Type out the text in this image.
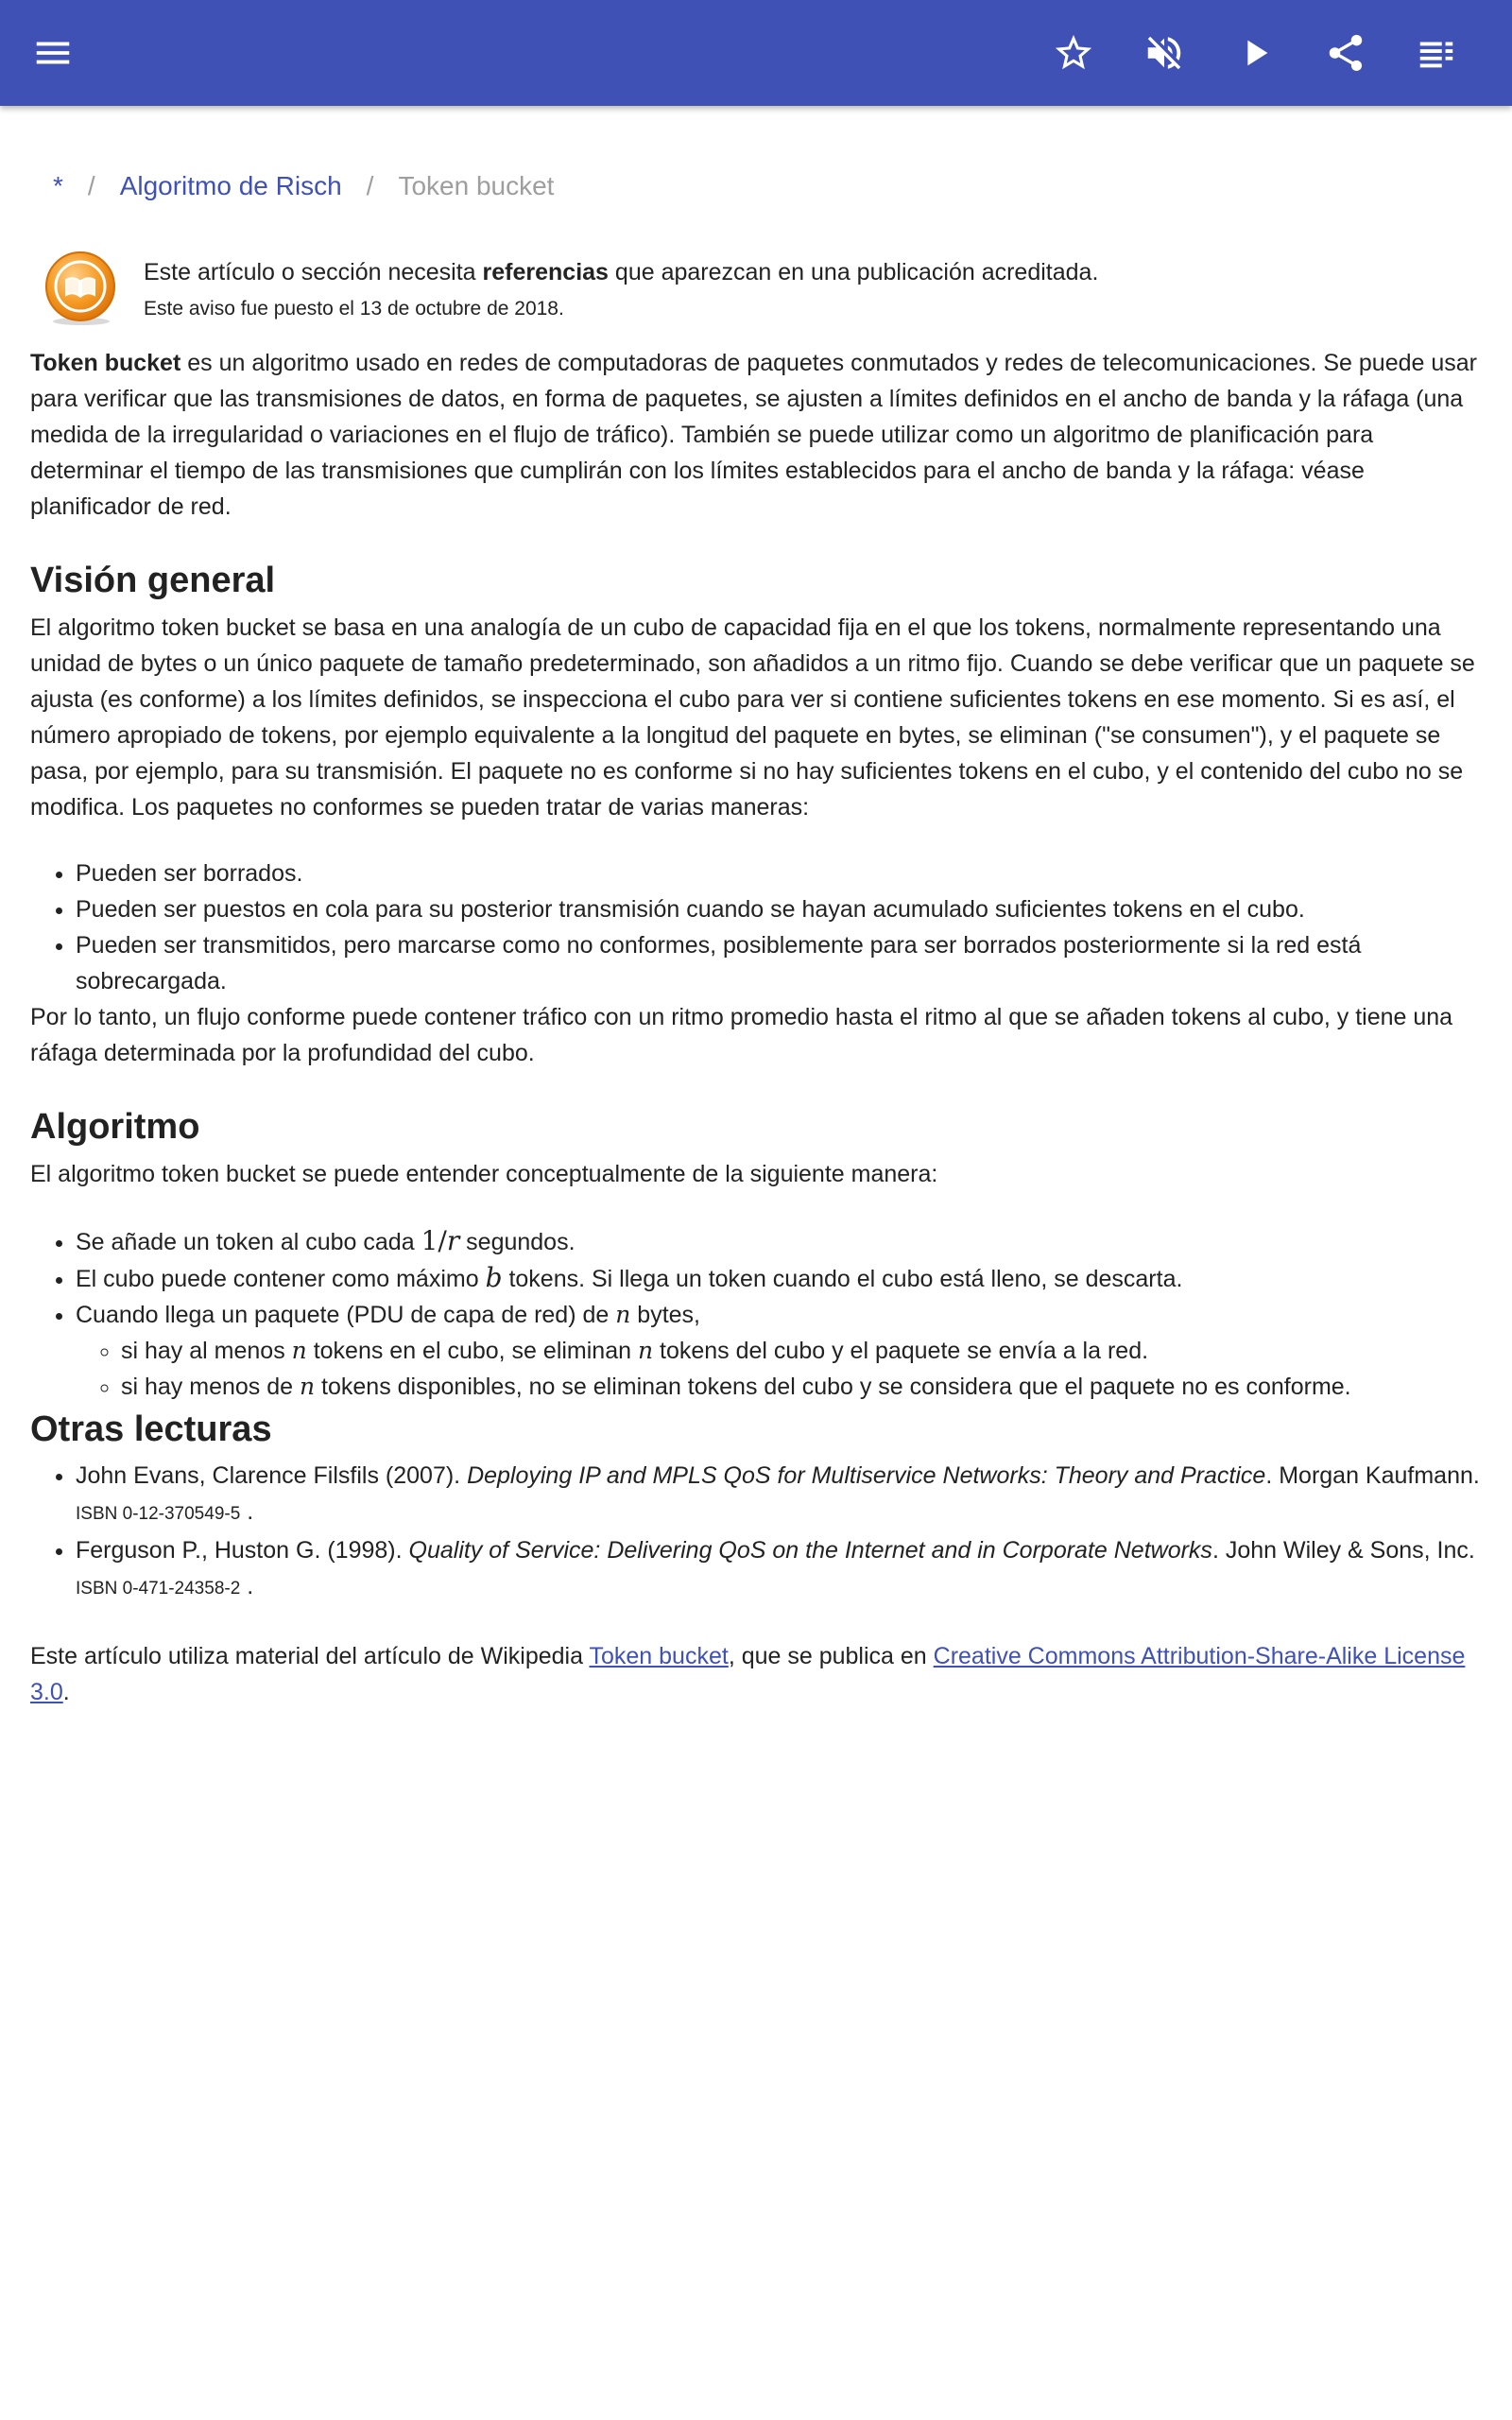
* / Algoritmo de Risch / Token bucket
Este artículo o sección necesita referencias que aparezcan en una publicación acreditada.
Este aviso fue puesto el 13 de octubre de 2018.

Token bucket es un algoritmo usado en redes de computadoras de paquetes conmutados y redes de telecomunicaciones. Se puede usar para verificar que las transmisiones de datos, en forma de paquetes, se ajusten a límites definidos en el ancho de banda y la ráfaga (una medida de la irregularidad o variaciones en el flujo de tráfico). También se puede utilizar como un algoritmo de planificación para determinar el tiempo de las transmisiones que cumplirán con los límites establecidos para el ancho de banda y la ráfaga: véase planificador de red.

Visión general

El algoritmo token bucket se basa en una analogía de un cubo de capacidad fija en el que los tokens, normalmente representando una unidad de bytes o un único paquete de tamaño predeterminado, son añadidos a un ritmo fijo. Cuando se debe verificar que un paquete se ajusta (es conforme) a los límites definidos, se inspecciona el cubo para ver si contiene suficientes tokens en ese momento. Si es así, el número apropiado de tokens, por ejemplo equivalente a la longitud del paquete en bytes, se eliminan ("se consumen"), y el paquete se pasa, por ejemplo, para su transmisión. El paquete no es conforme si no hay suficientes tokens en el cubo, y el contenido del cubo no se modifica. Los paquetes no conformes se pueden tratar de varias maneras:

• Pueden ser borrados.
• Pueden ser puestos en cola para su posterior transmisión cuando se hayan acumulado suficientes tokens en el cubo.
• Pueden ser transmitidos, pero marcarse como no conformes, posiblemente para ser borrados posteriormente si la red está sobrecargada.

Por lo tanto, un flujo conforme puede contener tráfico con un ritmo promedio hasta el ritmo al que se añaden tokens al cubo, y tiene una ráfaga determinada por la profundidad del cubo.

Algoritmo

El algoritmo token bucket se puede entender conceptualmente de la siguiente manera:

• Se añade un token al cubo cada 1/r segundos.
• El cubo puede contener como máximo b tokens. Si llega un token cuando el cubo está lleno, se descarta.
• Cuando llega un paquete (PDU de capa de red) de n bytes,
◦ si hay al menos n tokens en el cubo, se eliminan n tokens del cubo y el paquete se envía a la red.
◦ si hay menos de n tokens disponibles, no se eliminan tokens del cubo y se considera que el paquete no es conforme.
Otras lecturas
• John Evans, Clarence Filsfils (2007). Deploying IP and MPLS QoS for Multiservice Networks: Theory and Practice. Morgan Kaufmann. ISBN 0-12-370549-5 .
• Ferguson P., Huston G. (1998). Quality of Service: Delivering QoS on the Internet and in Corporate Networks. John Wiley & Sons, Inc. ISBN 0-471-24358-2 .

Este artículo utiliza material del artículo de Wikipedia Token bucket, que se publica en Creative Commons Attribution-Share-Alike License 3.0.
